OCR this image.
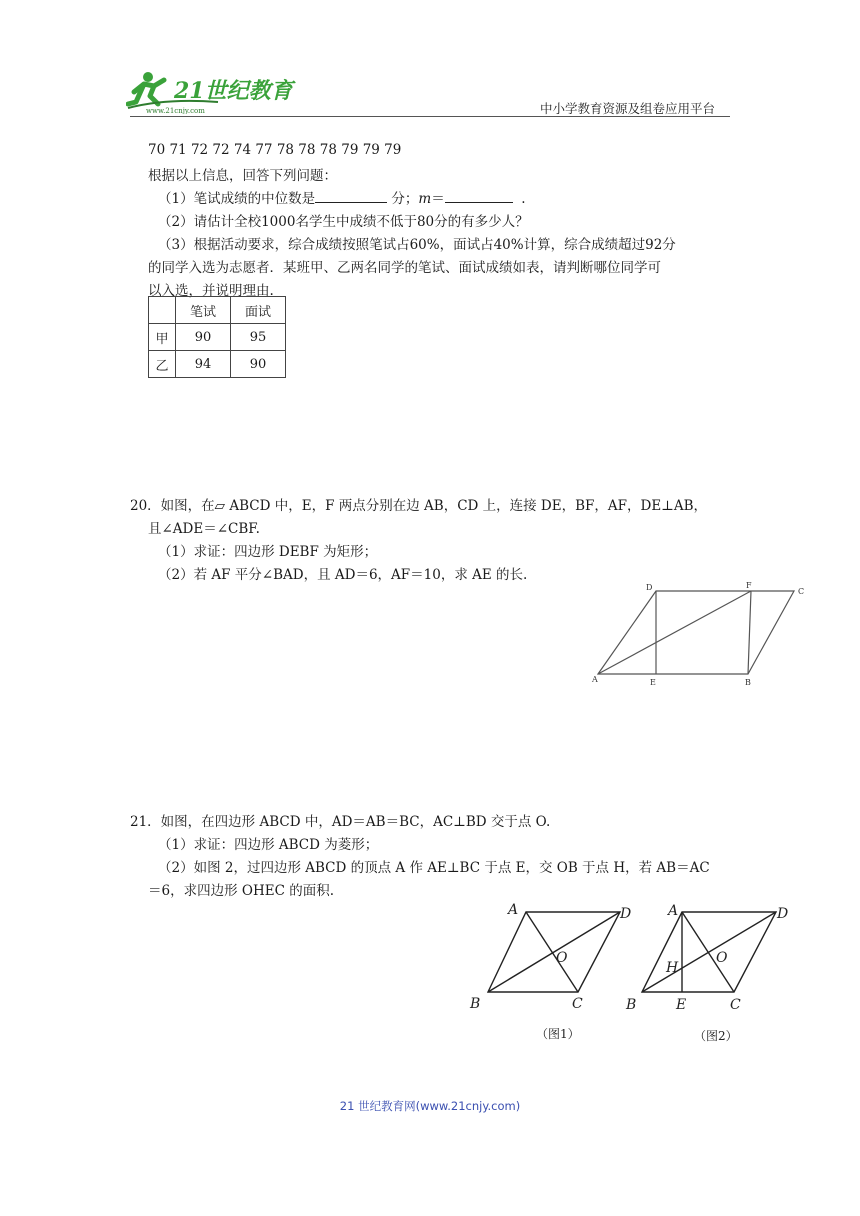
21世纪教育
www.21cnjy.com	中小学教育资源及组卷应用平台
70 71 72 72 74 77 78 78 78 79 79 79
根据以上信息，回答下列问题：
（1）笔试成绩的中位数是	分；m＝	.
（2）请估计全校1000名学生中成绩不低于80分的有多少人？
（3）根据活动要求，综合成绩按照笔试占60%，面试占40%计算，综合成绩超过92分
的同学入选为志愿者．某班甲、乙两名同学的笔试、面试成绩如表，请判断哪位同学可
以入选，并说明理由.
	笔试	面试
甲	90	95
乙	94	90
20．如图，在▱ ABCD 中，E，F 两点分别在边 AB，CD 上，连接 DE，BF，AF，DE⊥AB，
且∠ADE＝∠CBF.
（1）求证：四边形 DEBF 为矩形；
（2）若 AF 平分∠BAD，且 AD＝6，AF＝10，求 AE 的长.
D	F
C
A	E	B
21．如图，在四边形 ABCD 中，AD＝AB＝BC，AC⊥BD 交于点 O.
（1）求证：四边形 ABCD 为菱形；
（2）如图 2，过四边形 ABCD 的顶点 A 作 AE⊥BC 于点 E，交 OB 于点 H，若 AB＝AC
＝6，求四边形 OHEC 的面积.
A	D
O
B	C
（图1）
A	D
H
O
B	E	C
（图2）
21 世纪教育网(www.21cnjy.com)
